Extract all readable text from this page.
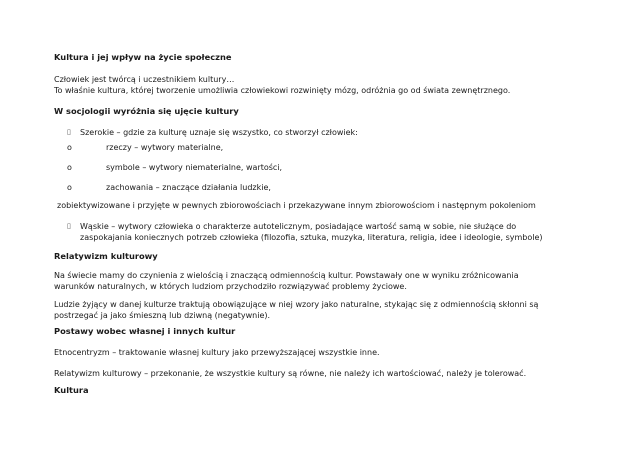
Kultura i jej wpływ na życie społeczne
Człowiek jest twórcą i uczestnikiem kultury…
To właśnie kultura, której tworzenie umożliwia człowiekowi rozwinięty mózg, odróżnia go od świata zewnętrznego.
W socjologii wyróżnia się ujęcie kultury
▯ Szerokie – gdzie za kulturę uznaje się wszystko, co stworzył człowiek:
o	rzeczy – wytwory materialne,
o	symbole – wytwory niematerialne, wartości,
o	zachowania – znaczące działania ludzkie,
zobiektywizowane i przyjęte w pewnych zbiorowościach i przekazywane innym zbiorowościom i następnym pokoleniom
▯ Wąskie – wytwory człowieka o charakterze autotelicznym, posiadające wartość samą w sobie, nie służące do
zaspokajania koniecznych potrzeb człowieka (filozofia, sztuka, muzyka, literatura, religia, idee i ideologie, symbole)
Relatywizm kulturowy
Na świecie mamy do czynienia z wielością i znaczącą odmiennością kultur. Powstawały one w wyniku zróżnicowania
warunków naturalnych, w których ludziom przychodziło rozwiązywać problemy życiowe.
Ludzie żyjący w danej kulturze traktują obowiązujące w niej wzory jako naturalne, stykając się z odmiennością skłonni są
postrzegać ja jako śmieszną lub dziwną (negatywnie).
Postawy wobec własnej i innych kultur
Etnocentryzm – traktowanie własnej kultury jako przewyższającej wszystkie inne.
Relatywizm kulturowy – przekonanie, że wszystkie kultury są równe, nie należy ich wartościować, należy je tolerować.
Kultura
